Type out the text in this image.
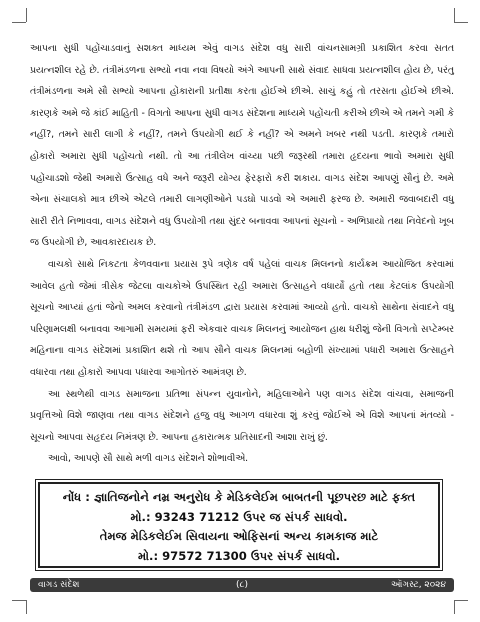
આપના સુધી પહોંચાડવાનું સશક્ત માધ્યમ એવું વાગડ સંદેશ વધુ સારી વાંચનસામગ્રી પ્રકાશિત કરવા સતત પ્રયત્નશીલ રહે છે. તંત્રીમંડળના સભ્યો નવા નવા વિષયો અંગે આપની સાથે સંવાદ સાધવા પ્રયત્નશીલ હોય છે, પરંતુ તંત્રીમંડળના અમે સૌ સભ્યો આપના હોંકારાની પ્રતીક્ષા કરતા હોઈએ છીએ. સાચું કહું તો તરસતા હોઈએ છીએ. કારણકે અમે જે કાંઈ માહિતી - વિગતો આપના સુધી વાગડ સંદેશના માધ્યમે પહોંચતી કરીએ છીએ એ તમને ગમી કે નહીં?, તમને સારી લાગી કે નહીં?, તમને ઉપયોગી થઈ કે નહીં? એ અમને ખબર નથી પડતી. કારણકે તમારો હોંકારો અમારા સુધી પહોંચતો નથી. તો આ તંત્રીલેખ વાંચ્યા પછી જરૂરથી તમારા હૃદયના ભાવો અમારા સુધી પહોંચાડશો જેથી અમારો ઉત્સાહ વધે અને જરૂરી યોગ્ય ફેરફારો કરી શકાય. વાગડ સંદેશ આપણું સૌનું છે. અમે એના સંચાલકો માત્ર છીએ એટલે તમારી લાગણીઓને પડઘો પાડવો એ અમારી ફરજ છે. અમારી જવાબદારી વધુ સારી રીતે નિભાવવા, વાગડ સંદેશને વધુ ઉપયોગી તથા સુંદર બનાવવા આપનાં સૂચનો - અભિપ્રાયો તથા નિવેદનો ખૂબ જ ઉપયોગી છે, આવકારદાયક છે.

વાચકો સાથે નિકટતા કેળવવાના પ્રયાસ રૂપે ત્રણેક વર્ષ પહેલાં વાચક મિલનનો કાર્યક્રમ આયોજિત કરવામાં આવેલ હતો જેમાં ત્રીસેક જેટલા વાચકોએ ઉપસ્થિત રહી અમારા ઉત્સાહને વધાર્યો હતો તથા કેટલાંક ઉપયોગી સૂચનો આપ્યાં હતાં જેનો અમલ કરવાનો તંત્રીમંડળ દ્વારા પ્રયાસ કરવામાં આવ્યો હતો. વાચકો સાથેના સંવાદને વધુ પરિણામલક્ષી બનાવવા આગામી સમયમાં ફરી એકવાર વાચક મિલનનું આયોજન હાથ ધરીશું જેની વિગતો સપ્ટેમ્બર મહિનાના વાગડ સંદેશમાં પ્રકાશિત થશે તો આપ સૌને વાચક મિલનમાં બહોળી સંખ્યામાં પધારી અમારા ઉત્સાહને વધારવા તથા હોંકારો આપવા પધારવા આગોતરું આમંત્રણ છે.

આ સ્થળેથી વાગડ સમાજના પ્રતિભા સંપન્ન યુવાનોને, મહિલાઓને પણ વાગડ સંદેશ વાંચવા, સમાજની પ્રવૃત્તિઓ વિશે જાણવા તથા વાગડ સંદેશને હજુ વધુ આગળ વધારવા શું કરવું જોઈએ એ વિશે આપનાં મંતવ્યો - સૂચનો આપવા સહૃદય નિમંત્રણ છે. આપના હકારાત્મક પ્રતિસાદની આશા રાખું છું.

આવો, આપણે સૌ સાથે મળી વાગડ સંદેશને શોભાવીએ.

નોંધ : જ્ઞાતિજનોને નમ્ર અનુરોધ કે મેડિકલેઈમ બાબતની પૂછપરછ માટે ફક્ત
મો.: 93243 71212 ઉપર જ સંપર્ક સાધવો.
તેમજ મેડિકલેઈમ સિવાયના ઓફિસનાં અન્ય કામકાજ માટે
મો.: 97572 71300 ઉપર સંપર્ક સાધવો.
વાગડ સંદેશ	(૮)	ઑગસ્ટ, ૨૦૨૪
